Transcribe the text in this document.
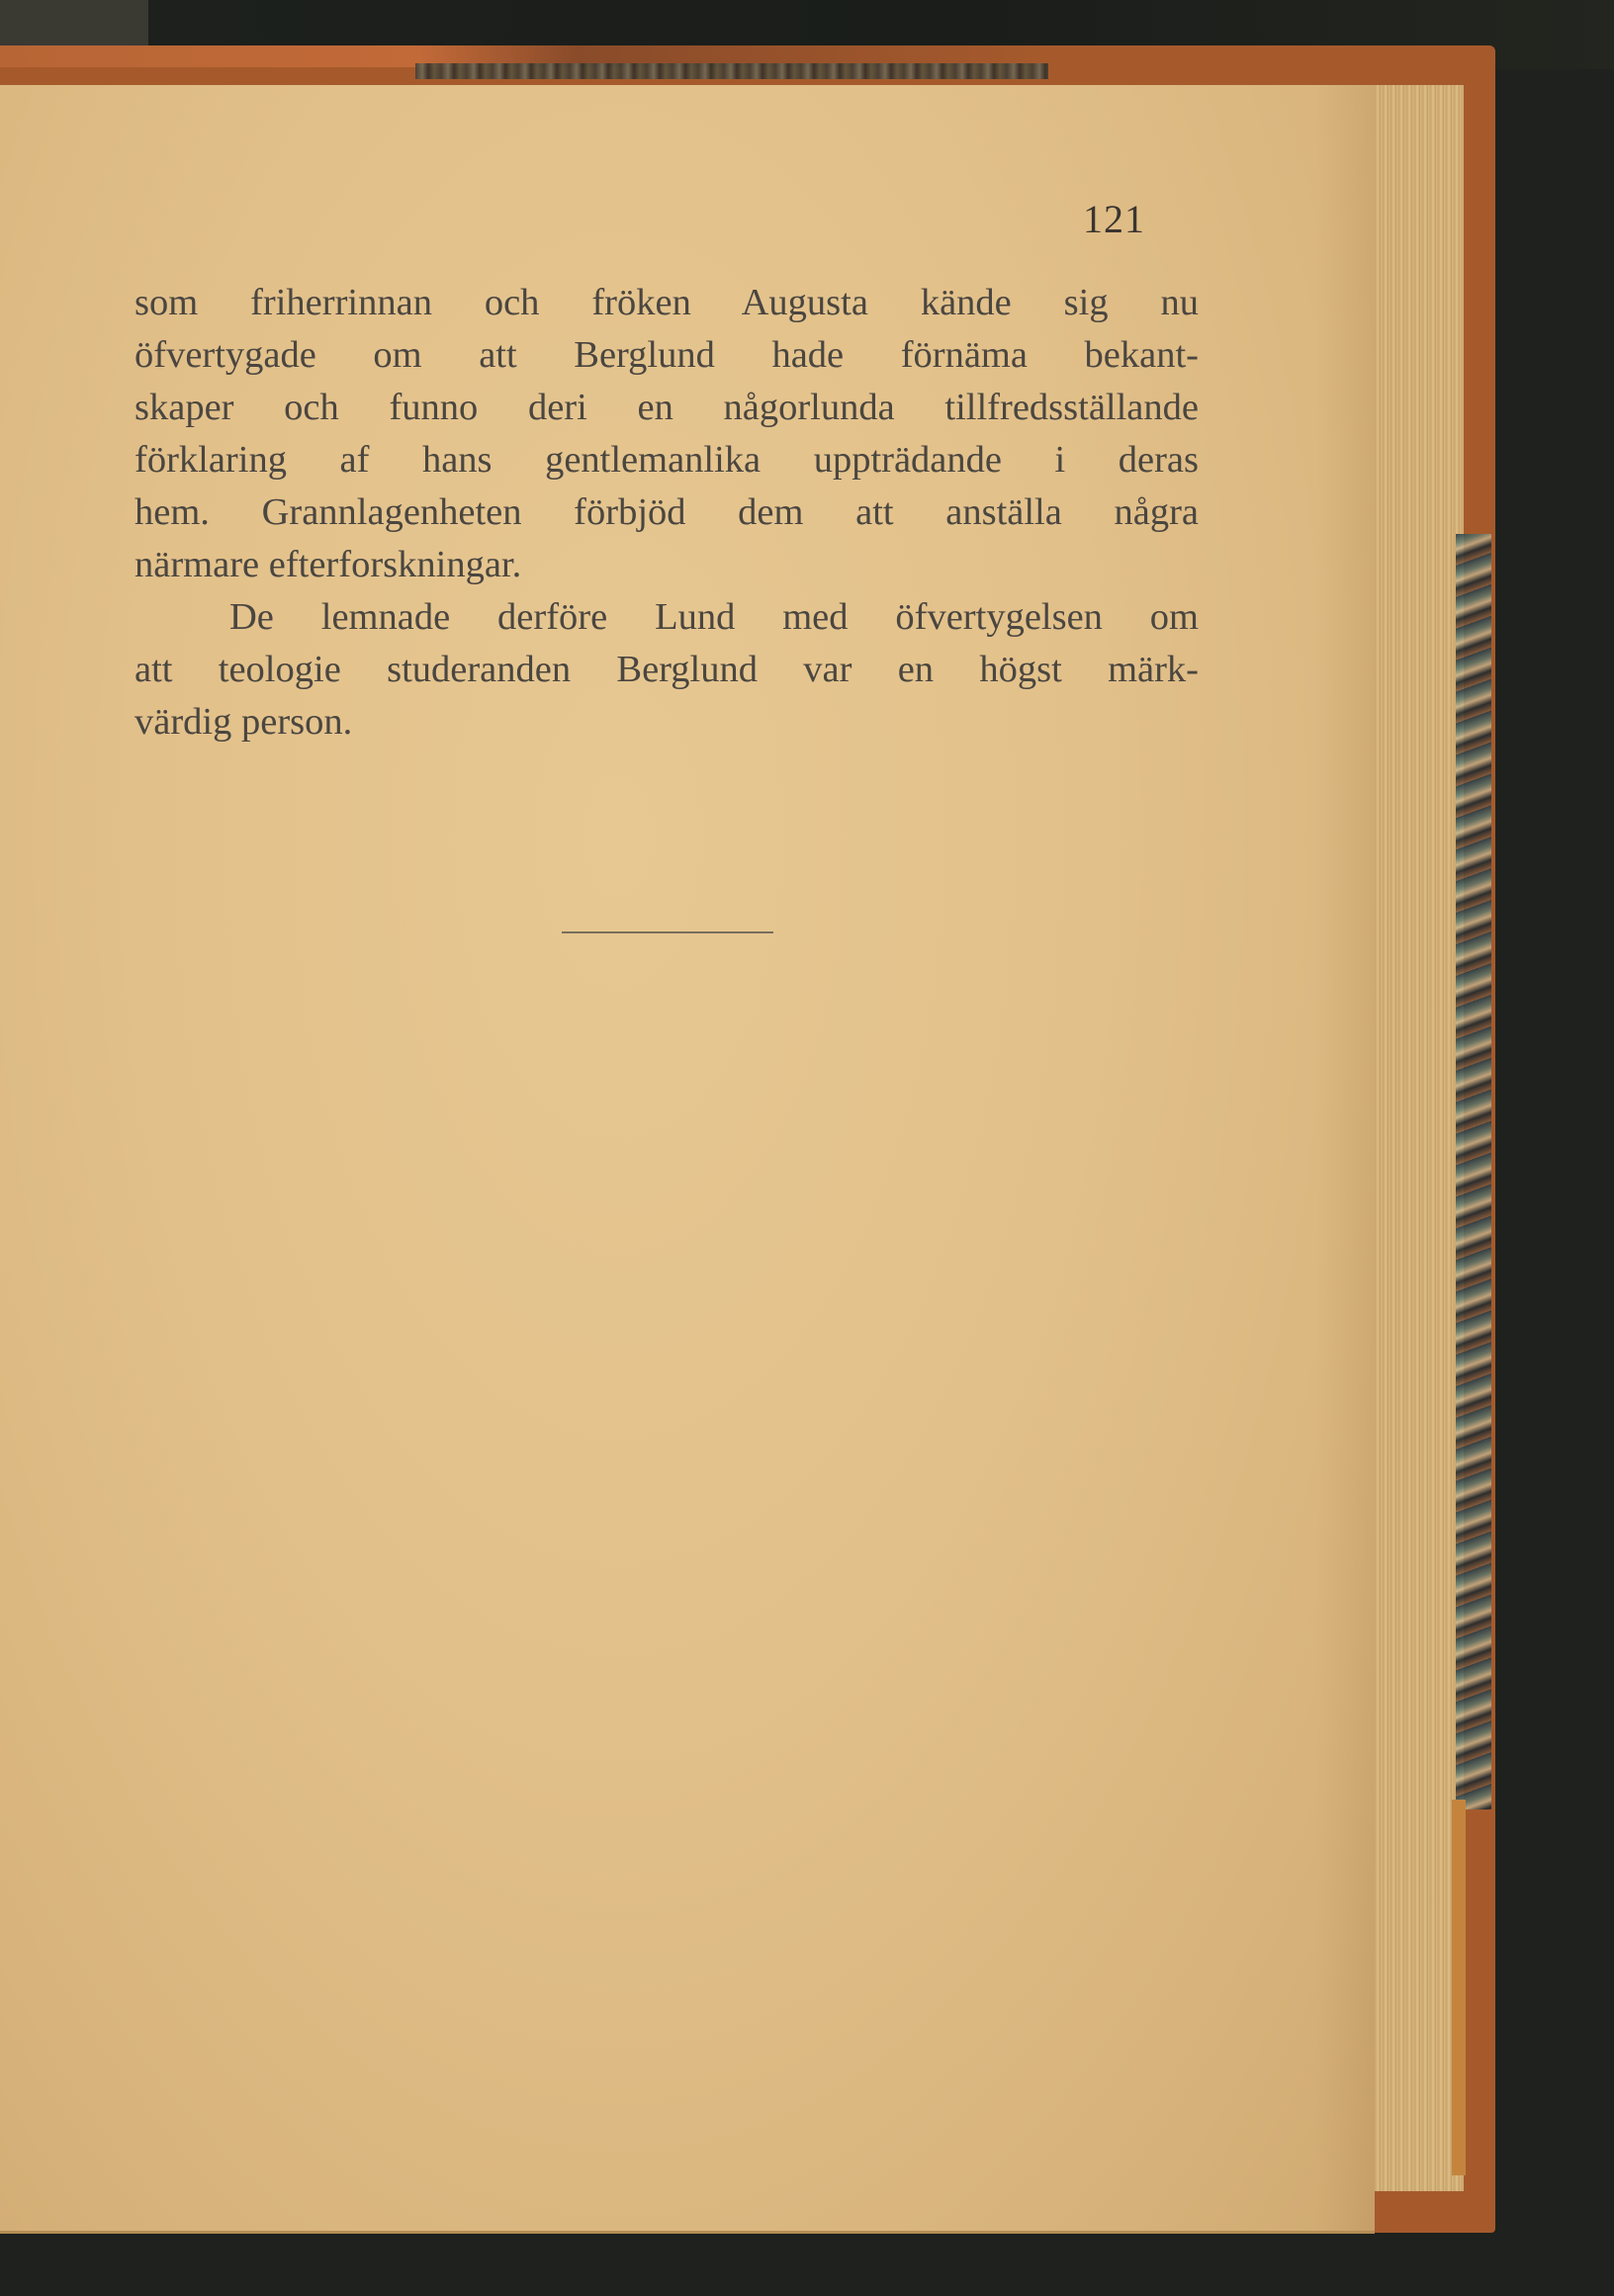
121
som friherrinnan och fröken Augusta kände sig nu
öfvertygade om att Berglund hade förnäma bekant-
skaper och funno deri en någorlunda tillfredsställande
förklaring af hans gentlemanlika uppträdande i deras
hem. Grannlagenheten förbjöd dem att anställa några
närmare efterforskningar.
De lemnade derföre Lund med öfvertygelsen om
att teologie studeranden Berglund var en högst märk-
värdig person.
